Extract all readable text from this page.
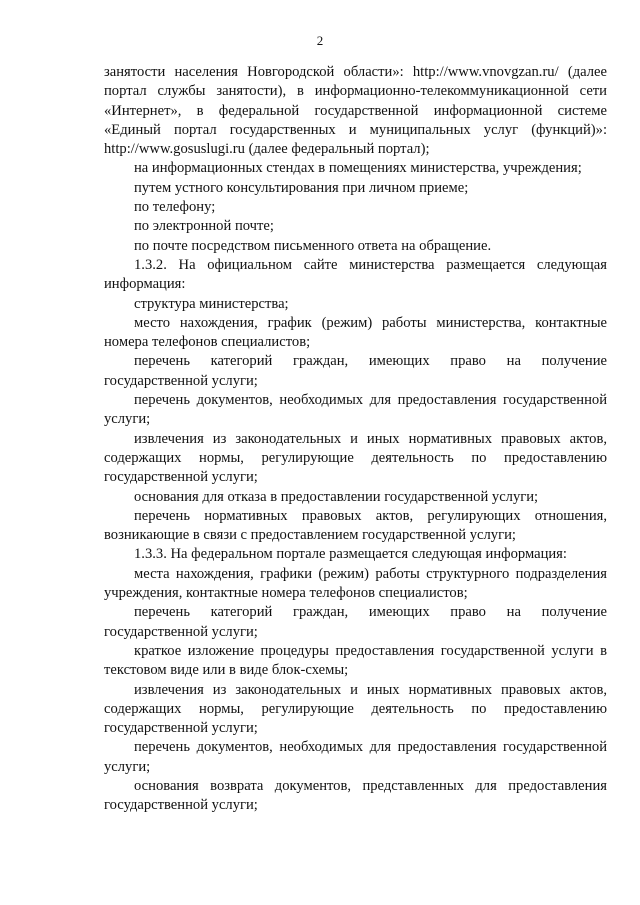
2

занятости населения Новгородской области»: http://www.vnovgzan.ru/ (далее портал службы занятости), в информационно-телекоммуникационной сети «Интернет», в федеральной государственной информационной системе «Единый портал государственных и муниципальных услуг (функций)»: http://www.gosuslugi.ru (далее федеральный портал);

на информационных стендах в помещениях министерства, учреждения;

путем устного консультирования при личном приеме;

по телефону;

по электронной почте;

по почте посредством письменного ответа на обращение.

1.3.2. На официальном сайте министерства размещается следующая информация:

структура министерства;

место нахождения, график (режим) работы министерства, контактные номера телефонов специалистов;

перечень категорий граждан, имеющих право на получение государственной услуги;

перечень документов, необходимых для предоставления государственной услуги;

извлечения из законодательных и иных нормативных правовых актов, содержащих нормы, регулирующие деятельность по предоставлению государственной услуги;

основания для отказа в предоставлении государственной услуги;

перечень нормативных правовых актов, регулирующих отношения, возникающие в связи с предоставлением государственной услуги;

1.3.3. На федеральном портале размещается следующая информация:

места нахождения, графики (режим) работы структурного подразделения учреждения, контактные номера телефонов специалистов;

перечень категорий граждан, имеющих право на получение государственной услуги;

краткое изложение процедуры предоставления государственной услуги в текстовом виде или в виде блок-схемы;

извлечения из законодательных и иных нормативных правовых актов, содержащих нормы, регулирующие деятельность по предоставлению государственной услуги;

перечень документов, необходимых для предоставления государственной услуги;

основания возврата документов, представленных для предоставления государственной услуги;
